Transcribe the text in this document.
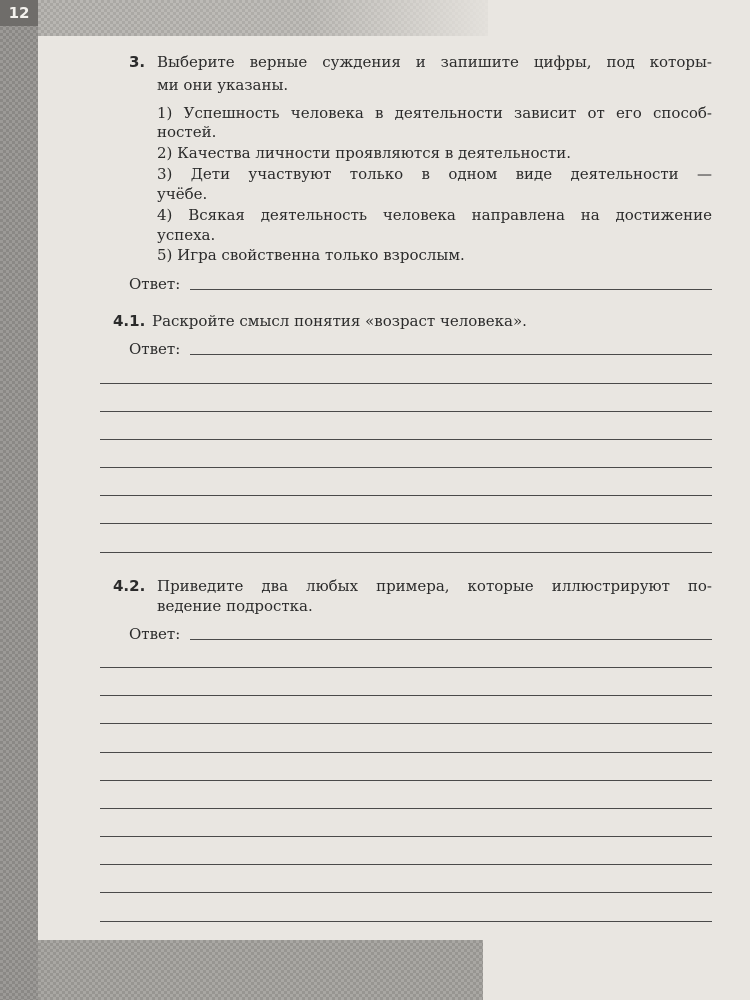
12
3. Выберите верные суждения и запишите цифры, под которы-
ми они указаны.
1) Успешность человека в деятельности зависит от его способ-
ностей.
2) Качества личности проявляются в деятельности.
3) Дети участвуют только в одном виде деятельности —
учёбе.
4) Всякая деятельность человека направлена на достижение
успеха.
5) Игра свойственна только взрослым.
Ответ:
4.1. Раскройте смысл понятия «возраст человека».
Ответ:
4.2. Приведите два любых примера, которые иллюстрируют по-
ведение подростка.
Ответ:
